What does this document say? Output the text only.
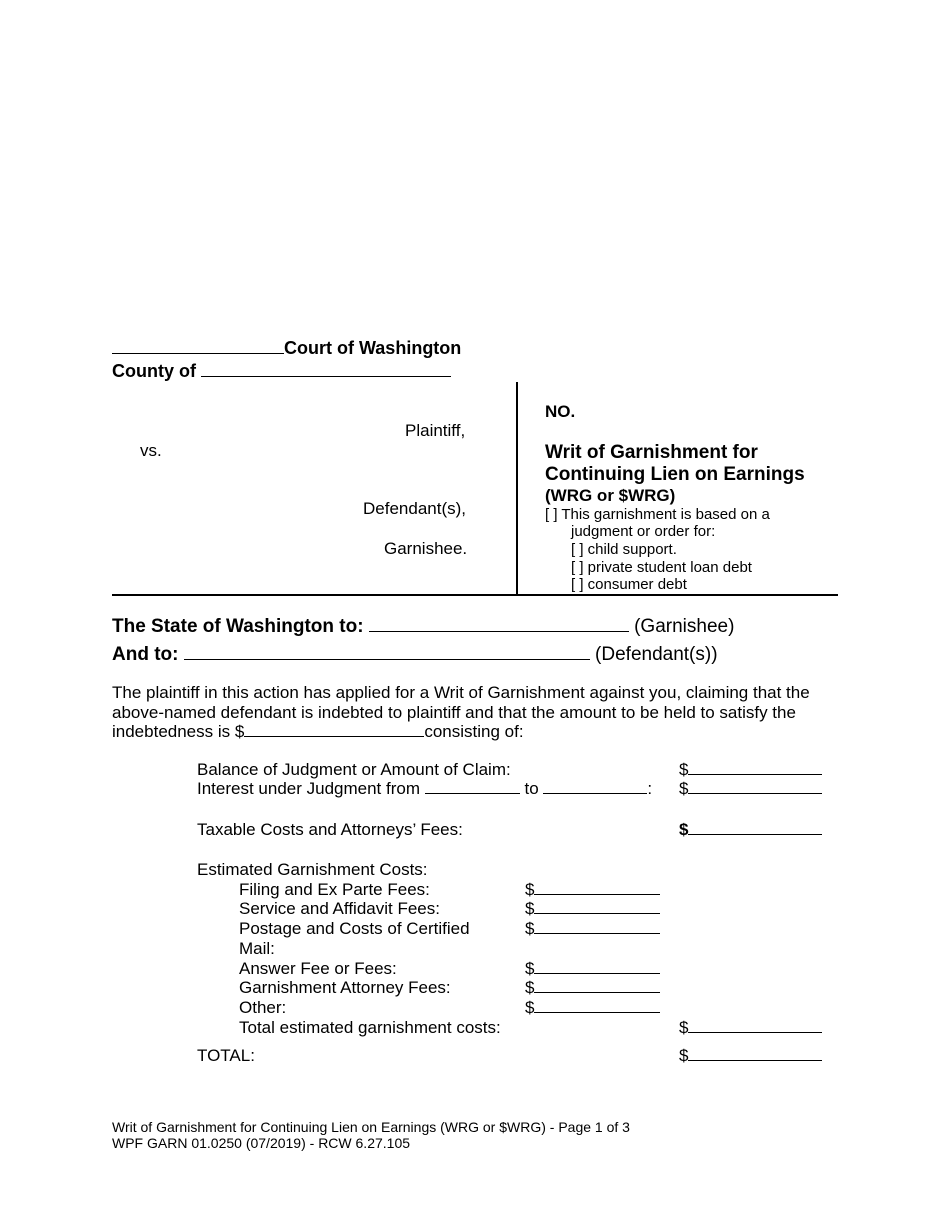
Court of Washington
County of
Plaintiff,
vs.
Defendant(s),
Garnishee.
NO.
Writ of Garnishment for
Continuing Lien on Earnings
(WRG or $WRG)
[ ] This garnishment is based on a
judgment or order for:
[ ] child support.
[ ] private student loan debt
[ ] consumer debt
The State of Washington to:	(Garnishee)
And to:	(Defendant(s))
The plaintiff in this action has applied for a Writ of Garnishment against you, claiming that the
above-named defendant is indebted to plaintiff and that the amount to be held to satisfy the
indebtedness is $	consisting of:
Balance of Judgment or Amount of Claim:	$
Interest under Judgment from	to	: $
Taxable Costs and Attorneys’ Fees:	$
Estimated Garnishment Costs:
Filing and Ex Parte Fees:	$
Service and Affidavit Fees:	$
Postage and Costs of Certified
Mail:
$
Answer Fee or Fees:	$
Garnishment Attorney Fees:	$
Other:	$
Total estimated garnishment costs:	$
TOTAL:	$
Writ of Garnishment for Continuing Lien on Earnings (WRG or $WRG) - Page 1 of 3
WPF GARN 01.0250 (07/2019) - RCW 6.27.105
